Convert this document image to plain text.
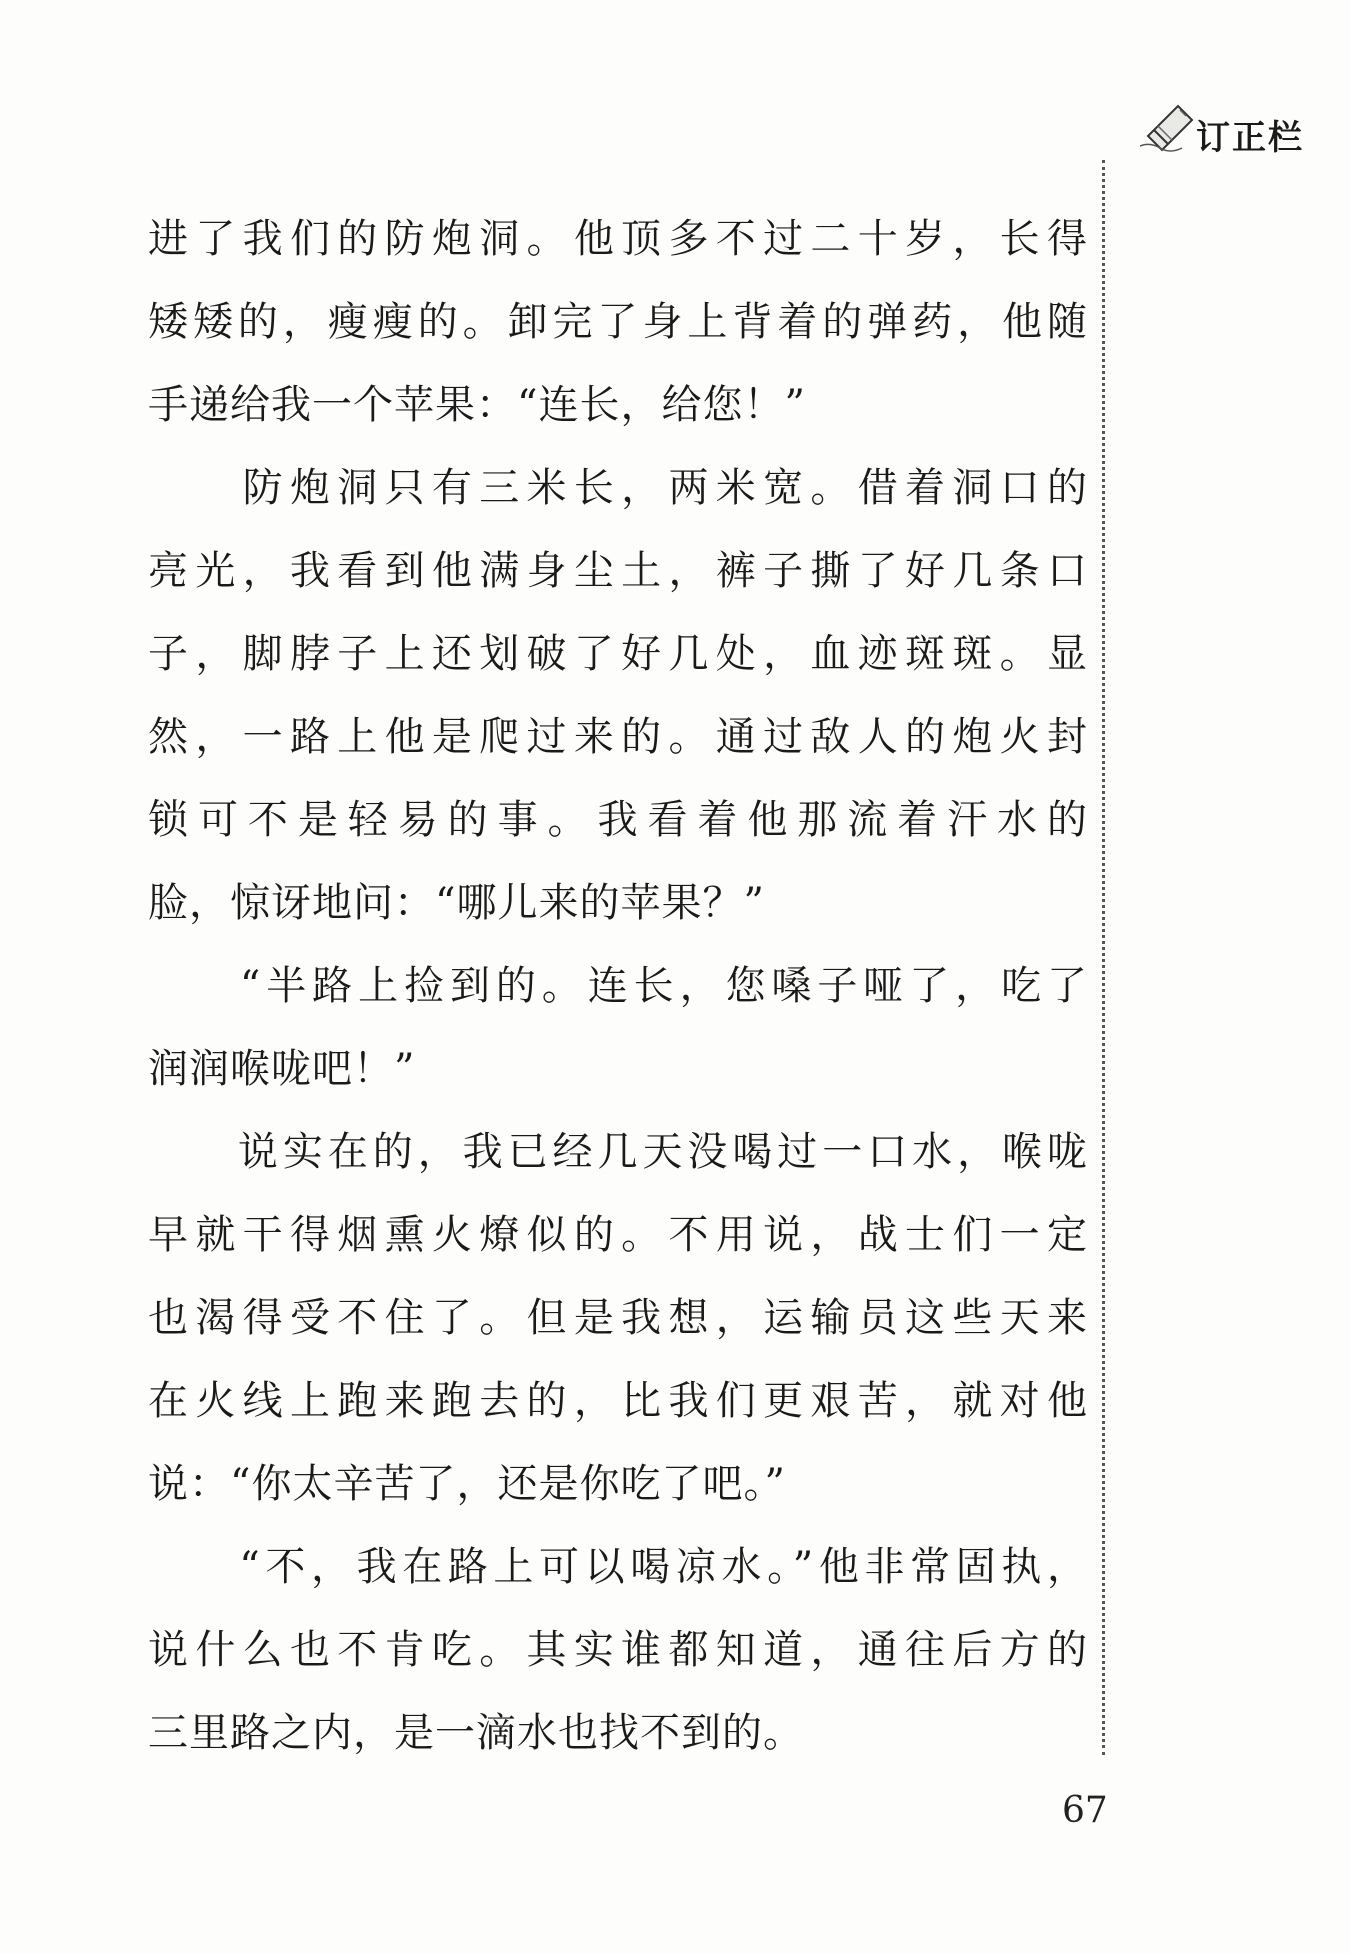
订正栏
进了我们的防炮洞。他顶多不过二十岁，长得
矮矮的，瘦瘦的。卸完了身上背着的弹药，他随
手递给我一个苹果：“连长，给您！”
　　防炮洞只有三米长，两米宽。借着洞口的
亮光，我看到他满身尘土，裤子撕了好几条口
子，脚脖子上还划破了好几处，血迹斑斑。显
然，一路上他是爬过来的。通过敌人的炮火封
锁可不是轻易的事。我看着他那流着汗水的
脸，惊讶地问：“哪儿来的苹果？”
　　“半路上捡到的。连长，您嗓子哑了，吃了
润润喉咙吧！”
　　说实在的，我已经几天没喝过一口水，喉咙
早就干得烟熏火燎似的。不用说，战士们一定
也渴得受不住了。但是我想，运输员这些天来
在火线上跑来跑去的，比我们更艰苦，就对他
说：“你太辛苦了，还是你吃了吧。”
　　“不，我在路上可以喝凉水。”他非常固执，
说什么也不肯吃。其实谁都知道，通往后方的
三里路之内，是一滴水也找不到的。
67
